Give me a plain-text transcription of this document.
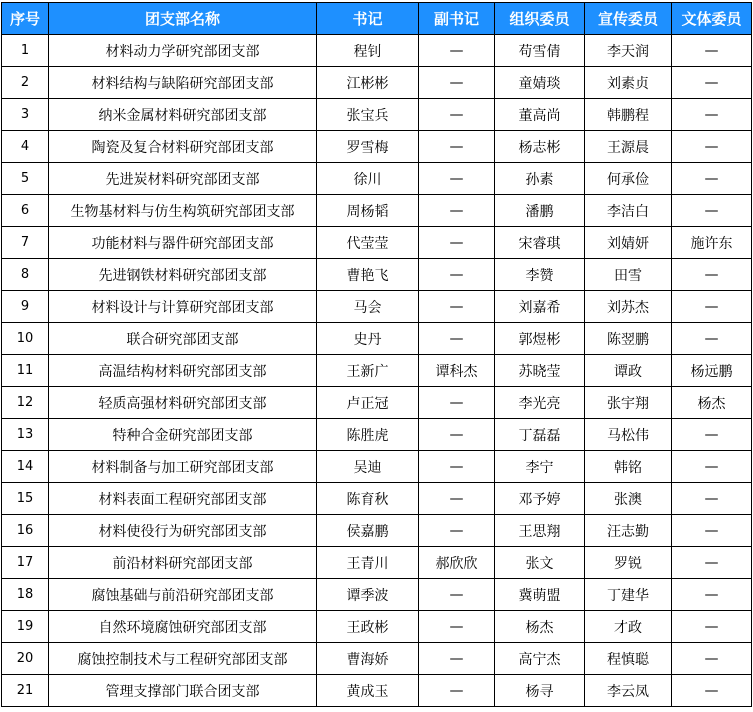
序号	团支部名称	书记	副书记	组织委员	宣传委员	文体委员
1	材料动力学研究部团支部	程钊	—	苟雪倩	李天润	—
2	材料结构与缺陷研究部团支部	江彬彬	—	童婧琰	刘素贞	—
3	纳米金属材料研究部团支部	张宝兵	—	董高尚	韩鹏程	—
4	陶瓷及复合材料研究部团支部	罗雪梅	—	杨志彬	王源晨	—
5	先进炭材料研究部团支部	徐川	—	孙素	何承俭	—
6	生物基材料与仿生构筑研究部团支部	周杨韬	—	潘鹏	李洁白	—
7	功能材料与器件研究部团支部	代莹莹	—	宋睿琪	刘婧妍	施许东
8	先进钢铁材料研究部团支部	曹艳飞	—	李赞	田雪	—
9	材料设计与计算研究部团支部	马会	—	刘嘉希	刘苏杰	—
10	联合研究部团支部	史丹	—	郭煜彬	陈翌鹏	—
11	高温结构材料研究部团支部	王新广	谭科杰	苏晓莹	谭政	杨远鹏
12	轻质高强材料研究部团支部	卢正冠	—	李光亮	张宇翔	杨杰
13	特种合金研究部团支部	陈胜虎	—	丁磊磊	马松伟	—
14	材料制备与加工研究部团支部	吴迪	—	李宁	韩铭	—
15	材料表面工程研究部团支部	陈育秋	—	邓予婷	张澳	—
16	材料使役行为研究部团支部	侯嘉鹏	—	王思翔	汪志勤	—
17	前沿材料研究部团支部	王青川	郝欣欣	张文	罗锐	—
18	腐蚀基础与前沿研究部团支部	谭季波	—	冀萌盟	丁建华	—
19	自然环境腐蚀研究部团支部	王政彬	—	杨杰	才政	—
20	腐蚀控制技术与工程研究部团支部	曹海娇	—	高宁杰	程慎聪	—
21	管理支撑部门联合团支部	黄成玉	—	杨寻	李云凤	—
